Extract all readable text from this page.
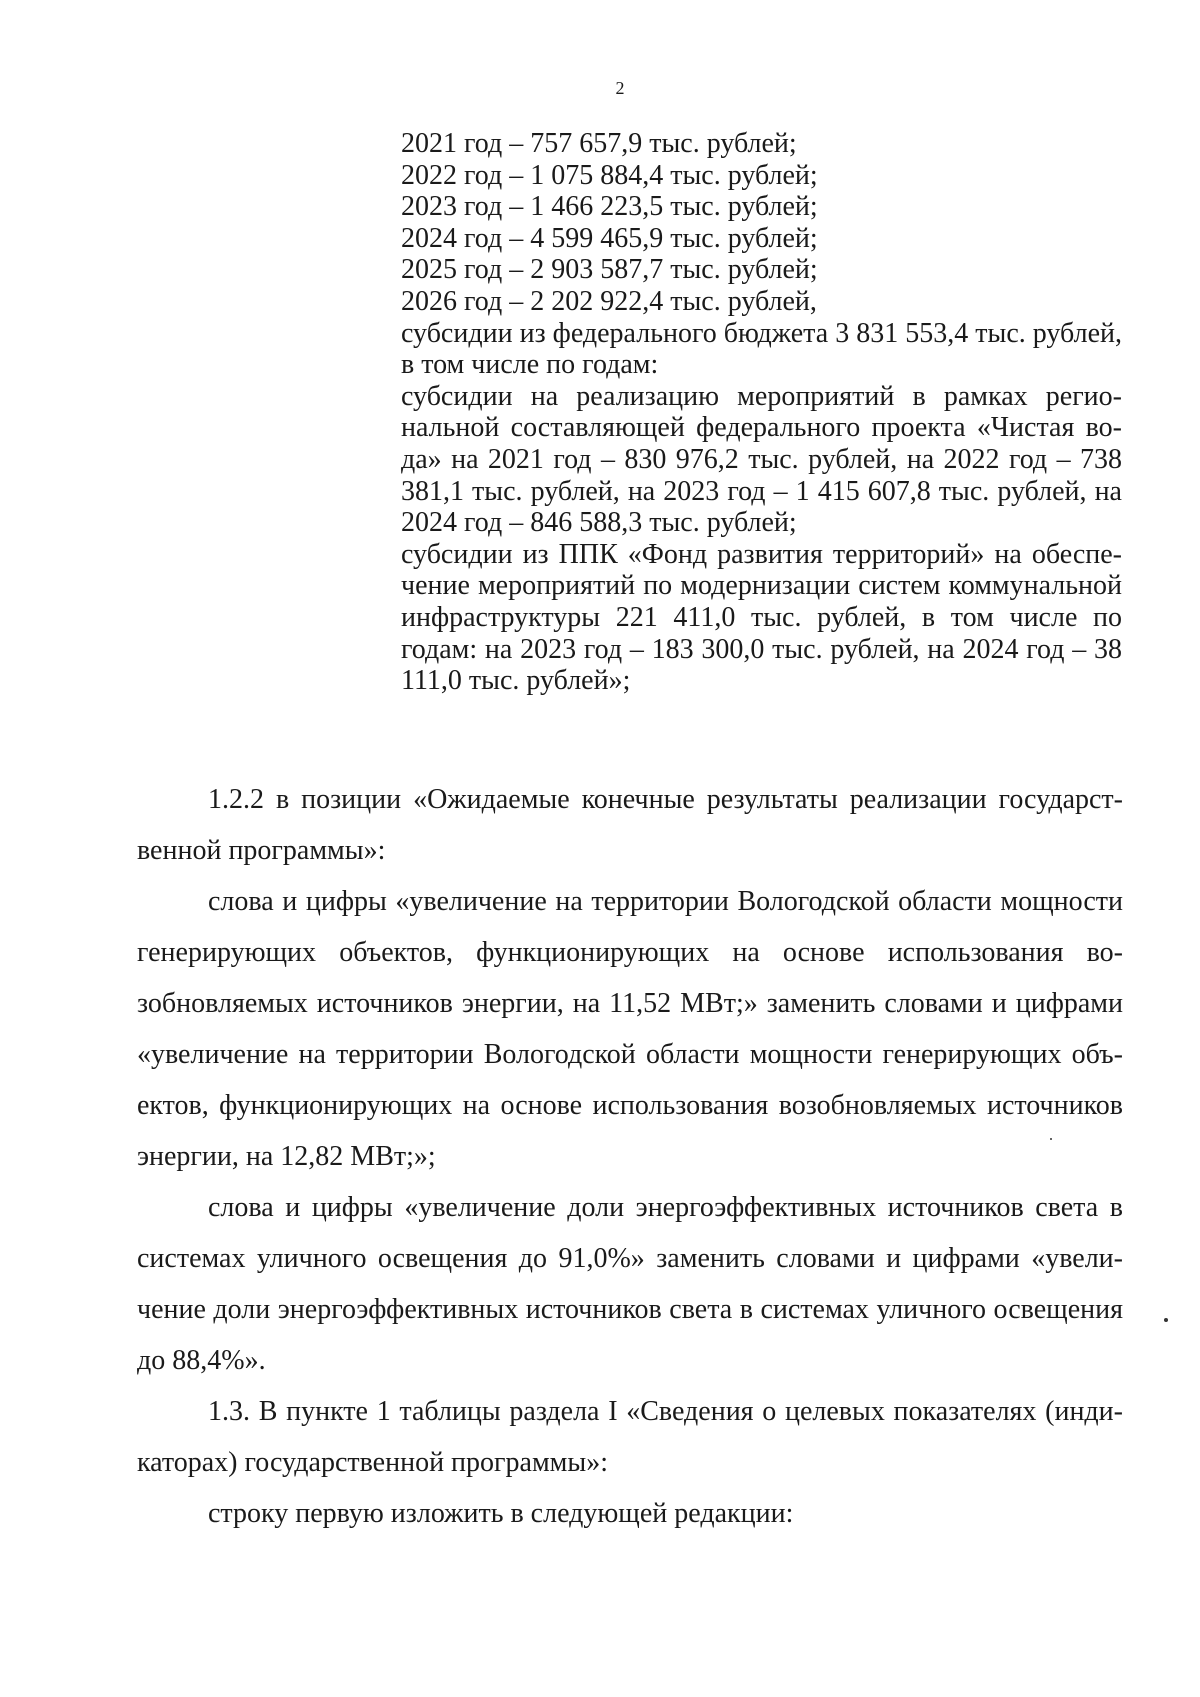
2
2021 год – 757 657,9 тыс. рублей;
2022 год – 1 075 884,4 тыс. рублей;
2023 год – 1 466 223,5 тыс. рублей;
2024 год – 4 599 465,9 тыс. рублей;
2025 год – 2 903 587,7 тыс. рублей;
2026 год – 2 202 922,4 тыс. рублей,
субсидии из федерального бюджета 3 831 553,4 тыс. рублей, в том числе по годам:
субсидии на реализацию мероприятий в рамках региональной составляющей федерального проекта «Чистая вода» на 2021 год – 830 976,2 тыс. рублей, на 2022 год – 738 381,1 тыс. рублей, на 2023 год – 1 415 607,8 тыс. рублей, на 2024 год – 846 588,3 тыс. рублей;
субсидии из ППК «Фонд развития территорий» на обеспечение мероприятий по модернизации систем коммунальной инфраструктуры 221 411,0 тыс. рублей, в том числе по годам: на 2023 год – 183 300,0 тыс. рублей, на 2024 год – 38 111,0 тыс. рублей»;

1.2.2 в позиции «Ожидаемые конечные результаты реализации государственной программы»:

слова и цифры «увеличение на территории Вологодской области мощности генерирующих объектов, функционирующих на основе использования возобновляемых источников энергии, на 11,52 МВт;» заменить словами и цифрами «увеличение на территории Вологодской области мощности генерирующих объектов, функционирующих на основе использования возобновляемых источников энергии, на 12,82 МВт;»;

слова и цифры «увеличение доли энергоэффективных источников света в системах уличного освещения до 91,0%» заменить словами и цифрами «увеличение доли энергоэффективных источников света в системах уличного освещения до 88,4%».

1.3. В пункте 1 таблицы раздела I «Сведения о целевых показателях (индикаторах) государственной программы»:

строку первую изложить в следующей редакции:
